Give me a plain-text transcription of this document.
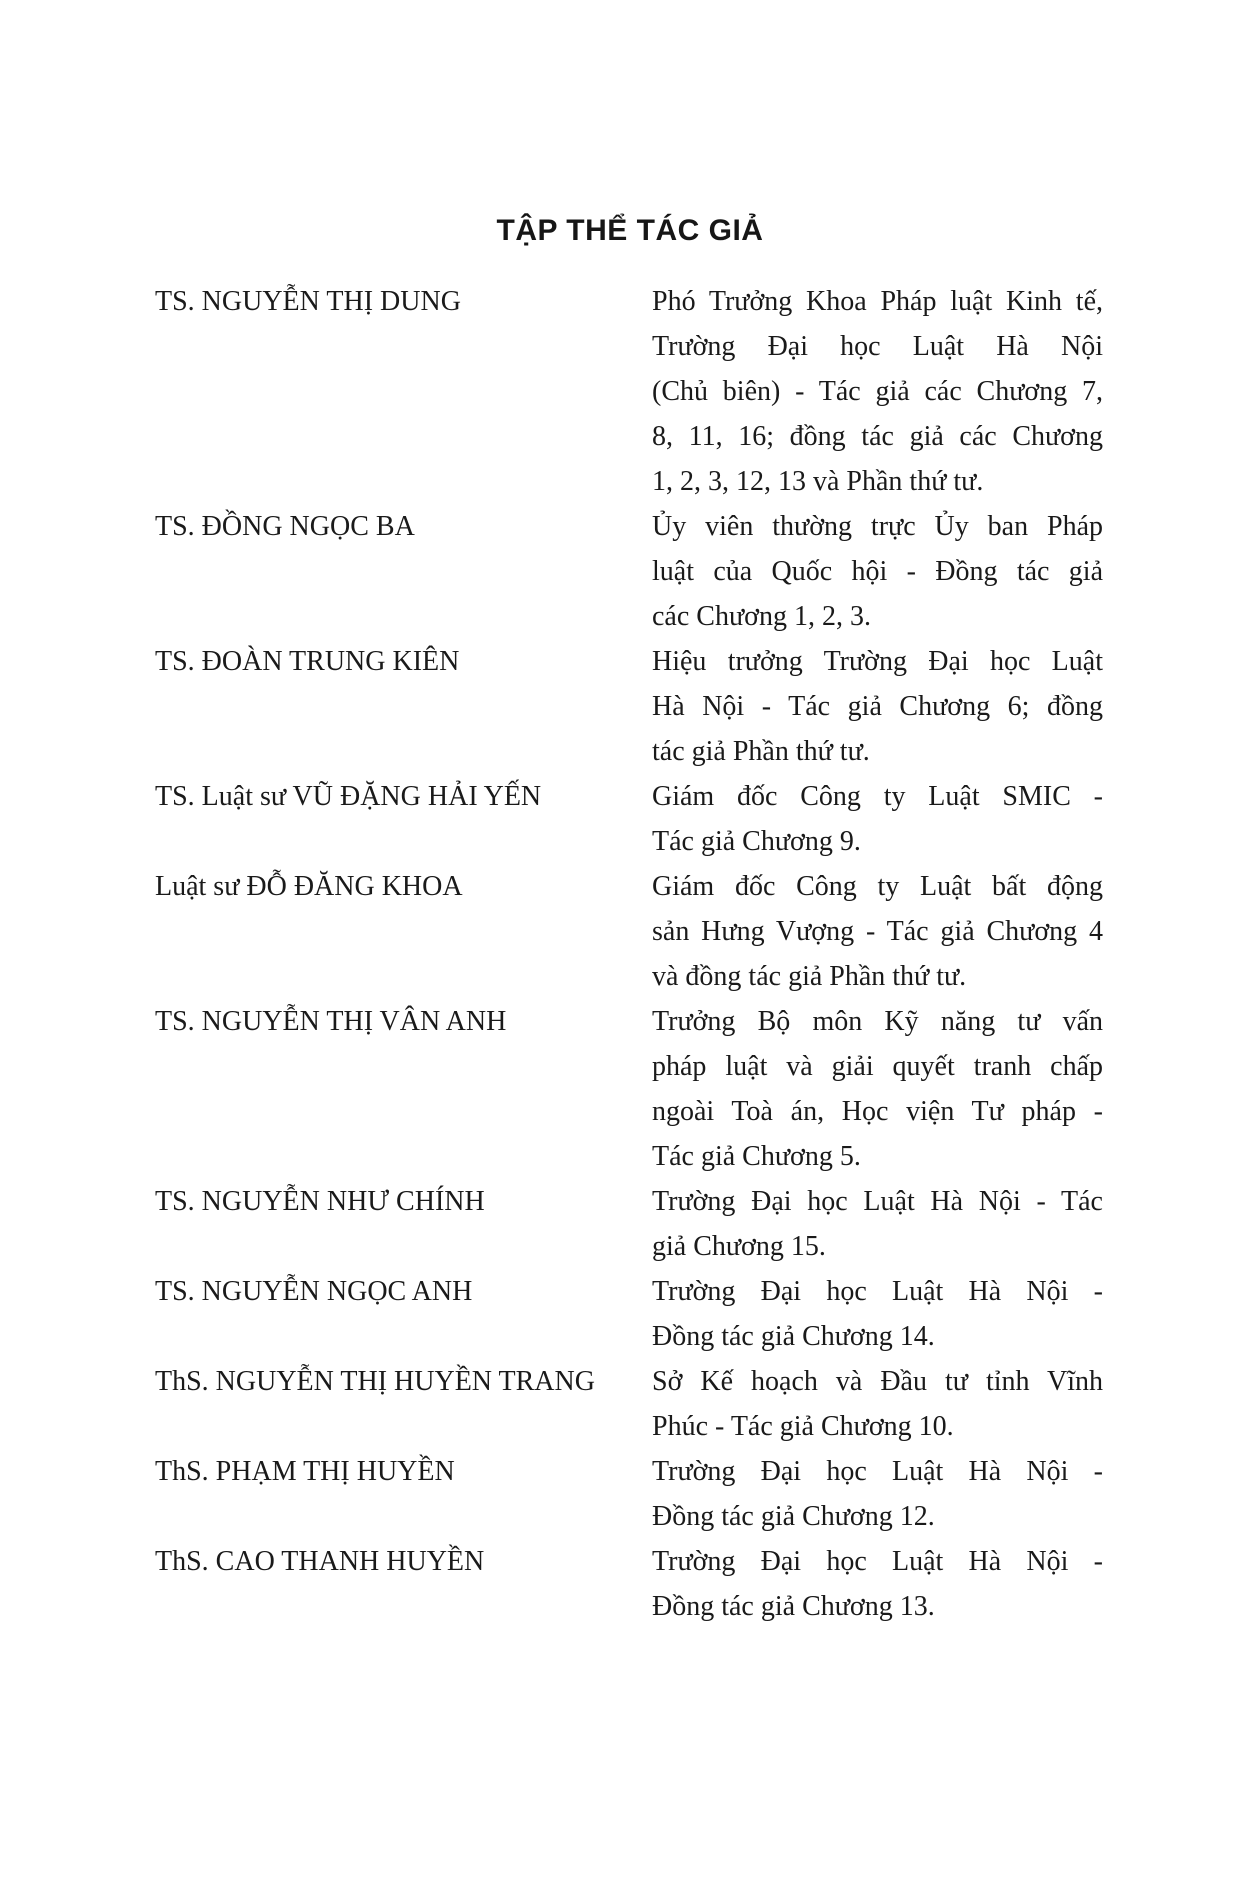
TẬP THỂ TÁC GIẢ
TS. NGUYỄN THỊ DUNG	Phó Trưởng Khoa Pháp luật Kinh tế,
Trường Đại học Luật Hà Nội
(Chủ biên) - Tác giả các Chương 7,
8, 11, 16; đồng tác giả các Chương
1, 2, 3, 12, 13 và Phần thứ tư.
TS. ĐỒNG NGỌC BA	Ủy viên thường trực Ủy ban Pháp
luật của Quốc hội - Đồng tác giả
các Chương 1, 2, 3.
TS. ĐOÀN TRUNG KIÊN	Hiệu trưởng Trường Đại học Luật
Hà Nội - Tác giả Chương 6; đồng
tác giả Phần thứ tư.
TS. Luật sư VŨ ĐẶNG HẢI YẾN	Giám đốc Công ty Luật SMIC -
Tác giả Chương 9.
Luật sư ĐỖ ĐĂNG KHOA	Giám đốc Công ty Luật bất động
sản Hưng Vượng - Tác giả Chương 4
và đồng tác giả Phần thứ tư.
TS. NGUYỄN THỊ VÂN ANH	Trưởng Bộ môn Kỹ năng tư vấn
pháp luật và giải quyết tranh chấp
ngoài Toà án, Học viện Tư pháp -
Tác giả Chương 5.
TS. NGUYỄN NHƯ CHÍNH	Trường Đại học Luật Hà Nội - Tác
giả Chương 15.
TS. NGUYỄN NGỌC ANH	Trường Đại học Luật Hà Nội -
Đồng tác giả Chương 14.
ThS. NGUYỄN THỊ HUYỀN TRANG	Sở Kế hoạch và Đầu tư tỉnh Vĩnh
Phúc - Tác giả Chương 10.
ThS. PHẠM THỊ HUYỀN	Trường Đại học Luật Hà Nội -
Đồng tác giả Chương 12.
ThS. CAO THANH HUYỀN	Trường Đại học Luật Hà Nội -
Đồng tác giả Chương 13.
